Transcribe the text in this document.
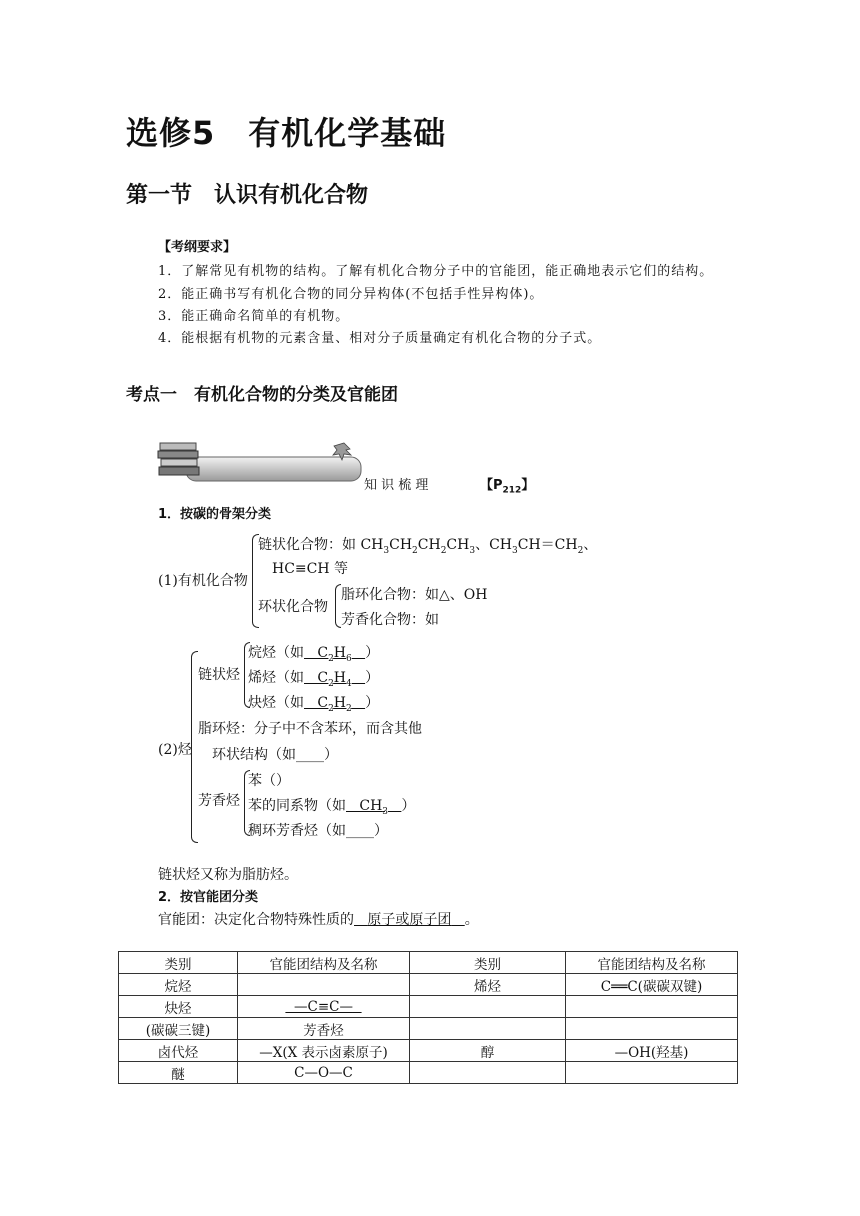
选修5　有机化学基础
第一节　认识有机化合物
【考纲要求】
1．了解常见有机物的结构。了解有机化合物分子中的官能团，能正确地表示它们的结构。
2．能正确书写有机化合物的同分异构体(不包括手性异构体)。
3．能正确命名简单的有机物。
4．能根据有机物的元素含量、相对分子质量确定有机化合物的分子式。
考点一　有机化合物的分类及官能团
知 识 梳 理	【$P_{212}$】
1．按碳的骨架分类
(1)有机化合物
链状化合物：如 $CH_3CH_2CH_2CH_3$、$CH_3CH=CH_2$、
HC≡CH 等
环状化合物
脂环化合物：如△、OH
芳香化合物：如
(2)烃
链状烃
烷烃（如   $C_2H_6$ ）
烯烃（如   $C_2H_4$ ）
炔烃（如   $C_2H_2$ ）
脂环烃：分子中不含苯环，而含其他
环状结构（如____）
芳香烃
苯（）
苯的同系物（如   $CH_3$ ）
稠环芳香烃（如____）
链状烃又称为脂肪烃。
2．按官能团分类
官能团：决定化合物特殊性质的 原子或原子团 。
类别	官能团结构及名称	类别	官能团结构及名称
烷烃		烯烃	C══C(碳碳双键)
炔烃	—C≡C—		
(碳碳三键)	芳香烃		
卤代烃	—X(X 表示卤素原子)	醇	—OH(羟基)
醚	C—O—C		
